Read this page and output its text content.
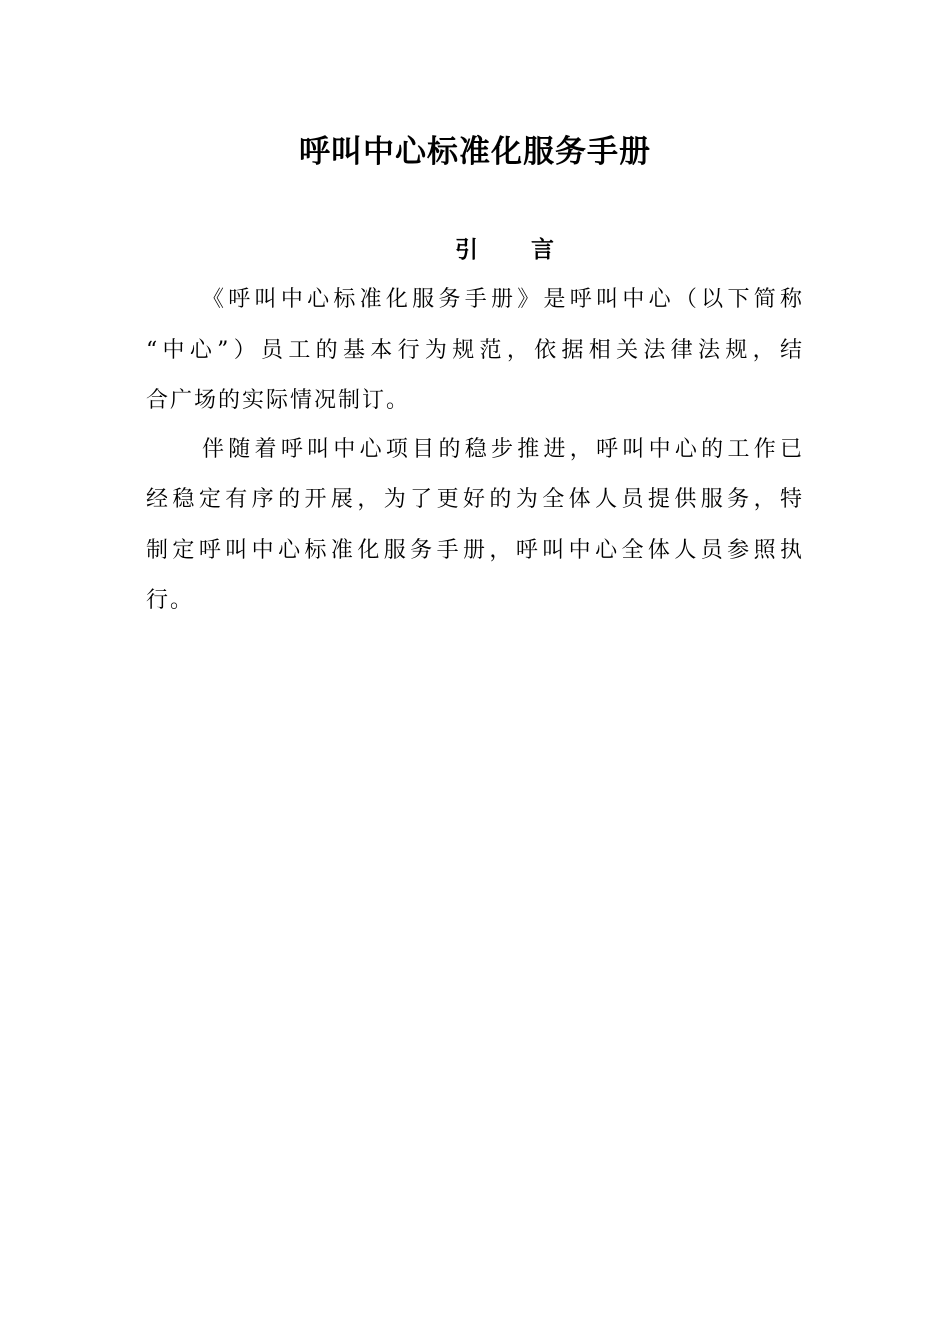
呼叫中心标准化服务手册
引 言
《呼叫中心标准化服务手册》是呼叫中心（以下简称
“中心”）员工的基本行为规范，依据相关法律法规，结
合广场的实际情况制订。
伴随着呼叫中心项目的稳步推进，呼叫中心的工作已
经稳定有序的开展，为了更好的为全体人员提供服务，特
制定呼叫中心标准化服务手册，呼叫中心全体人员参照执
行。
